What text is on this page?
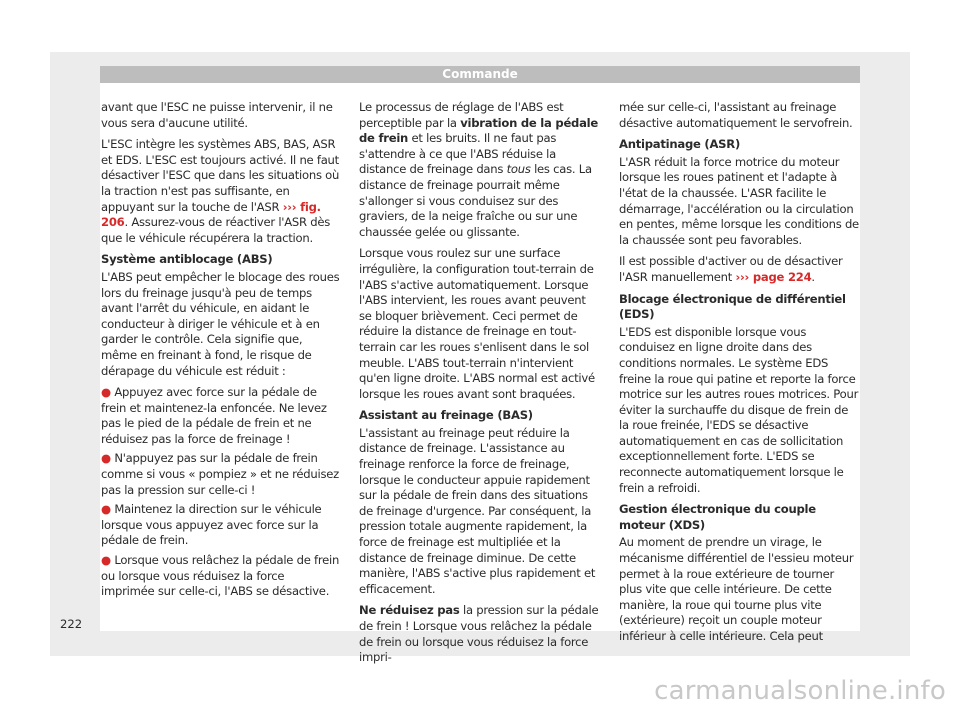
Commande

avant que l'ESC ne puisse intervenir, il ne vous sera d'aucune utilité.

L'ESC intègre les systèmes ABS, BAS, ASR et EDS. L'ESC est toujours activé. Il ne faut désactiver l'ESC que dans les situations où la traction n'est pas suffisante, en appuyant sur la touche de l'ASR ››› fig. 206. Assurez-vous de réactiver l'ASR dès que le véhicule récupérera la traction.

Système antiblocage (ABS)

L'ABS peut empêcher le blocage des roues lors du freinage jusqu'à peu de temps avant l'arrêt du véhicule, en aidant le conducteur à diriger le véhicule et à en garder le contrôle. Cela signifie que, même en freinant à fond, le risque de dérapage du véhicule est réduit :

● Appuyez avec force sur la pédale de frein et maintenez-la enfoncée. Ne levez pas le pied de la pédale de frein et ne réduisez pas la force de freinage !
● N'appuyez pas sur la pédale de frein comme si vous « pompiez » et ne réduisez pas la pression sur celle-ci !
● Maintenez la direction sur le véhicule lorsque vous appuyez avec force sur la pédale de frein.
● Lorsque vous relâchez la pédale de frein ou lorsque vous réduisez la force imprimée sur celle-ci, l'ABS se désactive.

Le processus de réglage de l'ABS est perceptible par la vibration de la pédale de frein et les bruits. Il ne faut pas s'attendre à ce que l'ABS réduise la distance de freinage dans tous les cas. La distance de freinage pourrait même s'allonger si vous conduisez sur des graviers, de la neige fraîche ou sur une chaussée gelée ou glissante.

Lorsque vous roulez sur une surface irrégulière, la configuration tout-terrain de l'ABS s'active automatiquement. Lorsque l'ABS intervient, les roues avant peuvent se bloquer brièvement. Ceci permet de réduire la distance de freinage en tout-terrain car les roues s'enlisent dans le sol meuble. L'ABS tout-terrain n'intervient qu'en ligne droite. L'ABS normal est activé lorsque les roues avant sont braquées.

Assistant au freinage (BAS)

L'assistant au freinage peut réduire la distance de freinage. L'assistance au freinage renforce la force de freinage, lorsque le conducteur appuie rapidement sur la pédale de frein dans des situations de freinage d'urgence. Par conséquent, la pression totale augmente rapidement, la force de freinage est multipliée et la distance de freinage diminue. De cette manière, l'ABS s'active plus rapidement et efficacement.

Ne réduisez pas la pression sur la pédale de frein ! Lorsque vous relâchez la pédale de frein ou lorsque vous réduisez la force impri-

mée sur celle-ci, l'assistant au freinage désactive automatiquement le servofrein.

Antipatinage (ASR)

L'ASR réduit la force motrice du moteur lorsque les roues patinent et l'adapte à l'état de la chaussée. L'ASR facilite le démarrage, l'accélération ou la circulation en pentes, même lorsque les conditions de la chaussée sont peu favorables.

Il est possible d'activer ou de désactiver l'ASR manuellement ››› page 224.

Blocage électronique de différentiel (EDS)

L'EDS est disponible lorsque vous conduisez en ligne droite dans des conditions normales. Le système EDS freine la roue qui patine et reporte la force motrice sur les autres roues motrices. Pour éviter la surchauffe du disque de frein de la roue freinée, l'EDS se désactive automatiquement en cas de sollicitation exceptionnellement forte. L'EDS se reconnecte automatiquement lorsque le frein a refroidi.

Gestion électronique du couple moteur (XDS)

Au moment de prendre un virage, le mécanisme différentiel de l'essieu moteur permet à la roue extérieure de tourner plus vite que celle intérieure. De cette manière, la roue qui tourne plus vite (extérieure) reçoit un couple moteur inférieur à celle intérieure. Cela peut

222
carmanualsonline.info
